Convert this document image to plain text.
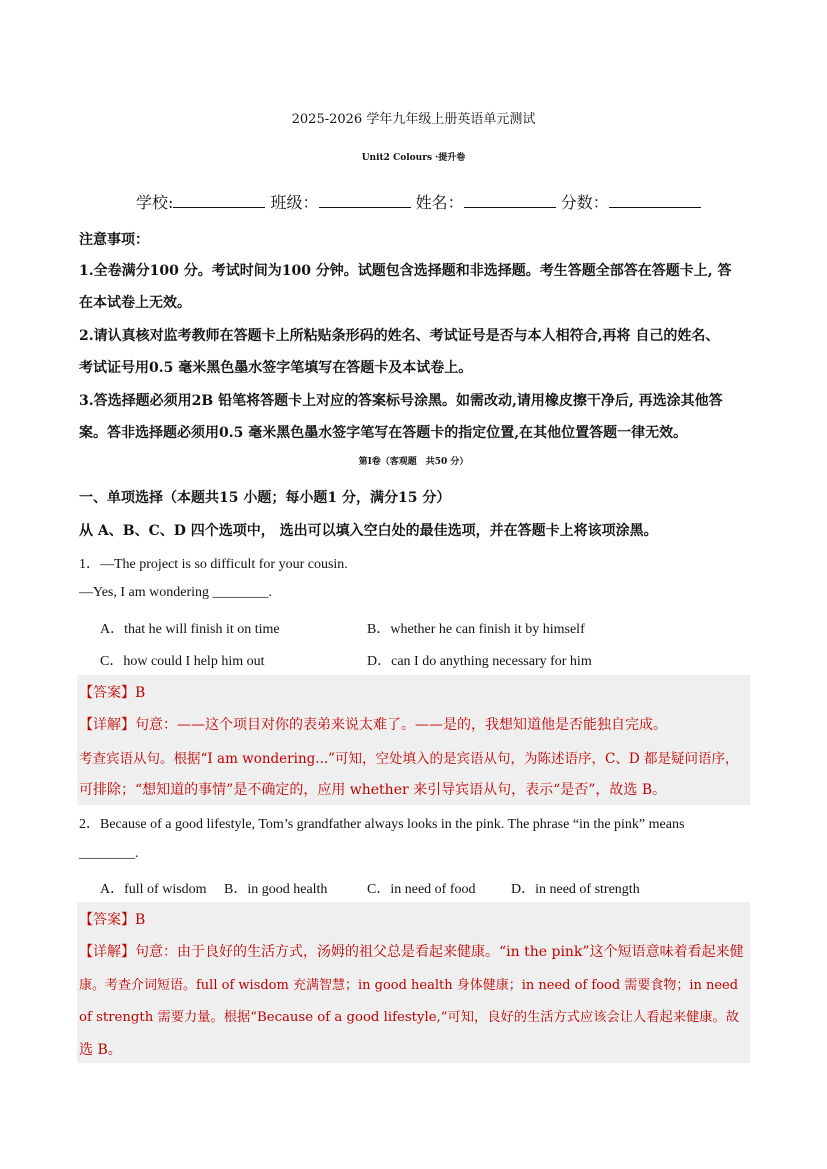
2025-2026 学年九年级上册英语单元测试
Unit2 Colours ·提升卷
学校:	班级：	姓名：	分数：
注意事项：
1.全卷满分100 分。考试时间为100 分钟。试题包含选择题和非选择题。考生答题全部答在答题卡上, 答
在本试卷上无效。
2.请认真核对监考教师在答题卡上所粘贴条形码的姓名、考试证号是否与本人相符合,再将 自己的姓名、
考试证号用0.5 毫米黑色墨水签字笔填写在答题卡及本试卷上。
3.答选择题必须用2B 铅笔将答题卡上对应的答案标号涂黑。如需改动,请用橡皮擦干净后, 再选涂其他答
案。答非选择题必须用0.5 毫米黑色墨水签字笔写在答题卡的指定位置,在其他位置答题一律无效。
第Ⅰ卷（客观题　共50 分）
一、单项选择（本题共15 小题；每小题1 分，满分15 分）
从 A、B、C、D 四个选项中， 选出可以填入空白处的最佳选项，并在答题卡上将该项涂黑。
1．—The project is so difficult for your cousin.
—Yes, I am wondering ________.
A．that he will finish it on time	B．whether he can finish it by himself
C．how could I help him out	D．can I do anything necessary for him
【答案】B
【详解】句意：——这个项目对你的表弟来说太难了。——是的，我想知道他是否能独自完成。
考查宾语从句。根据“I am wondering...”可知，空处填入的是宾语从句，为陈述语序，C、D 都是疑问语序，
可排除；“想知道的事情”是不确定的，应用 whether 来引导宾语从句，表示“是否”，故选 B。
2．Because of a good lifestyle, Tom’s grandfather always looks in the pink. The phrase “in the pink” means
________.
A．full of wisdom B．in good health	C．in need of food	D．in need of strength
【答案】B
【详解】句意：由于良好的生活方式，汤姆的祖父总是看起来健康。“in the pink”这个短语意味着看起来健
康。考查介词短语。full of wisdom 充满智慧；in good health 身体健康；in need of food 需要食物；in need
of strength 需要力量。根据“Because of a good lifestyle,”可知，良好的生活方式应该会让人看起来健康。故
选 B。
